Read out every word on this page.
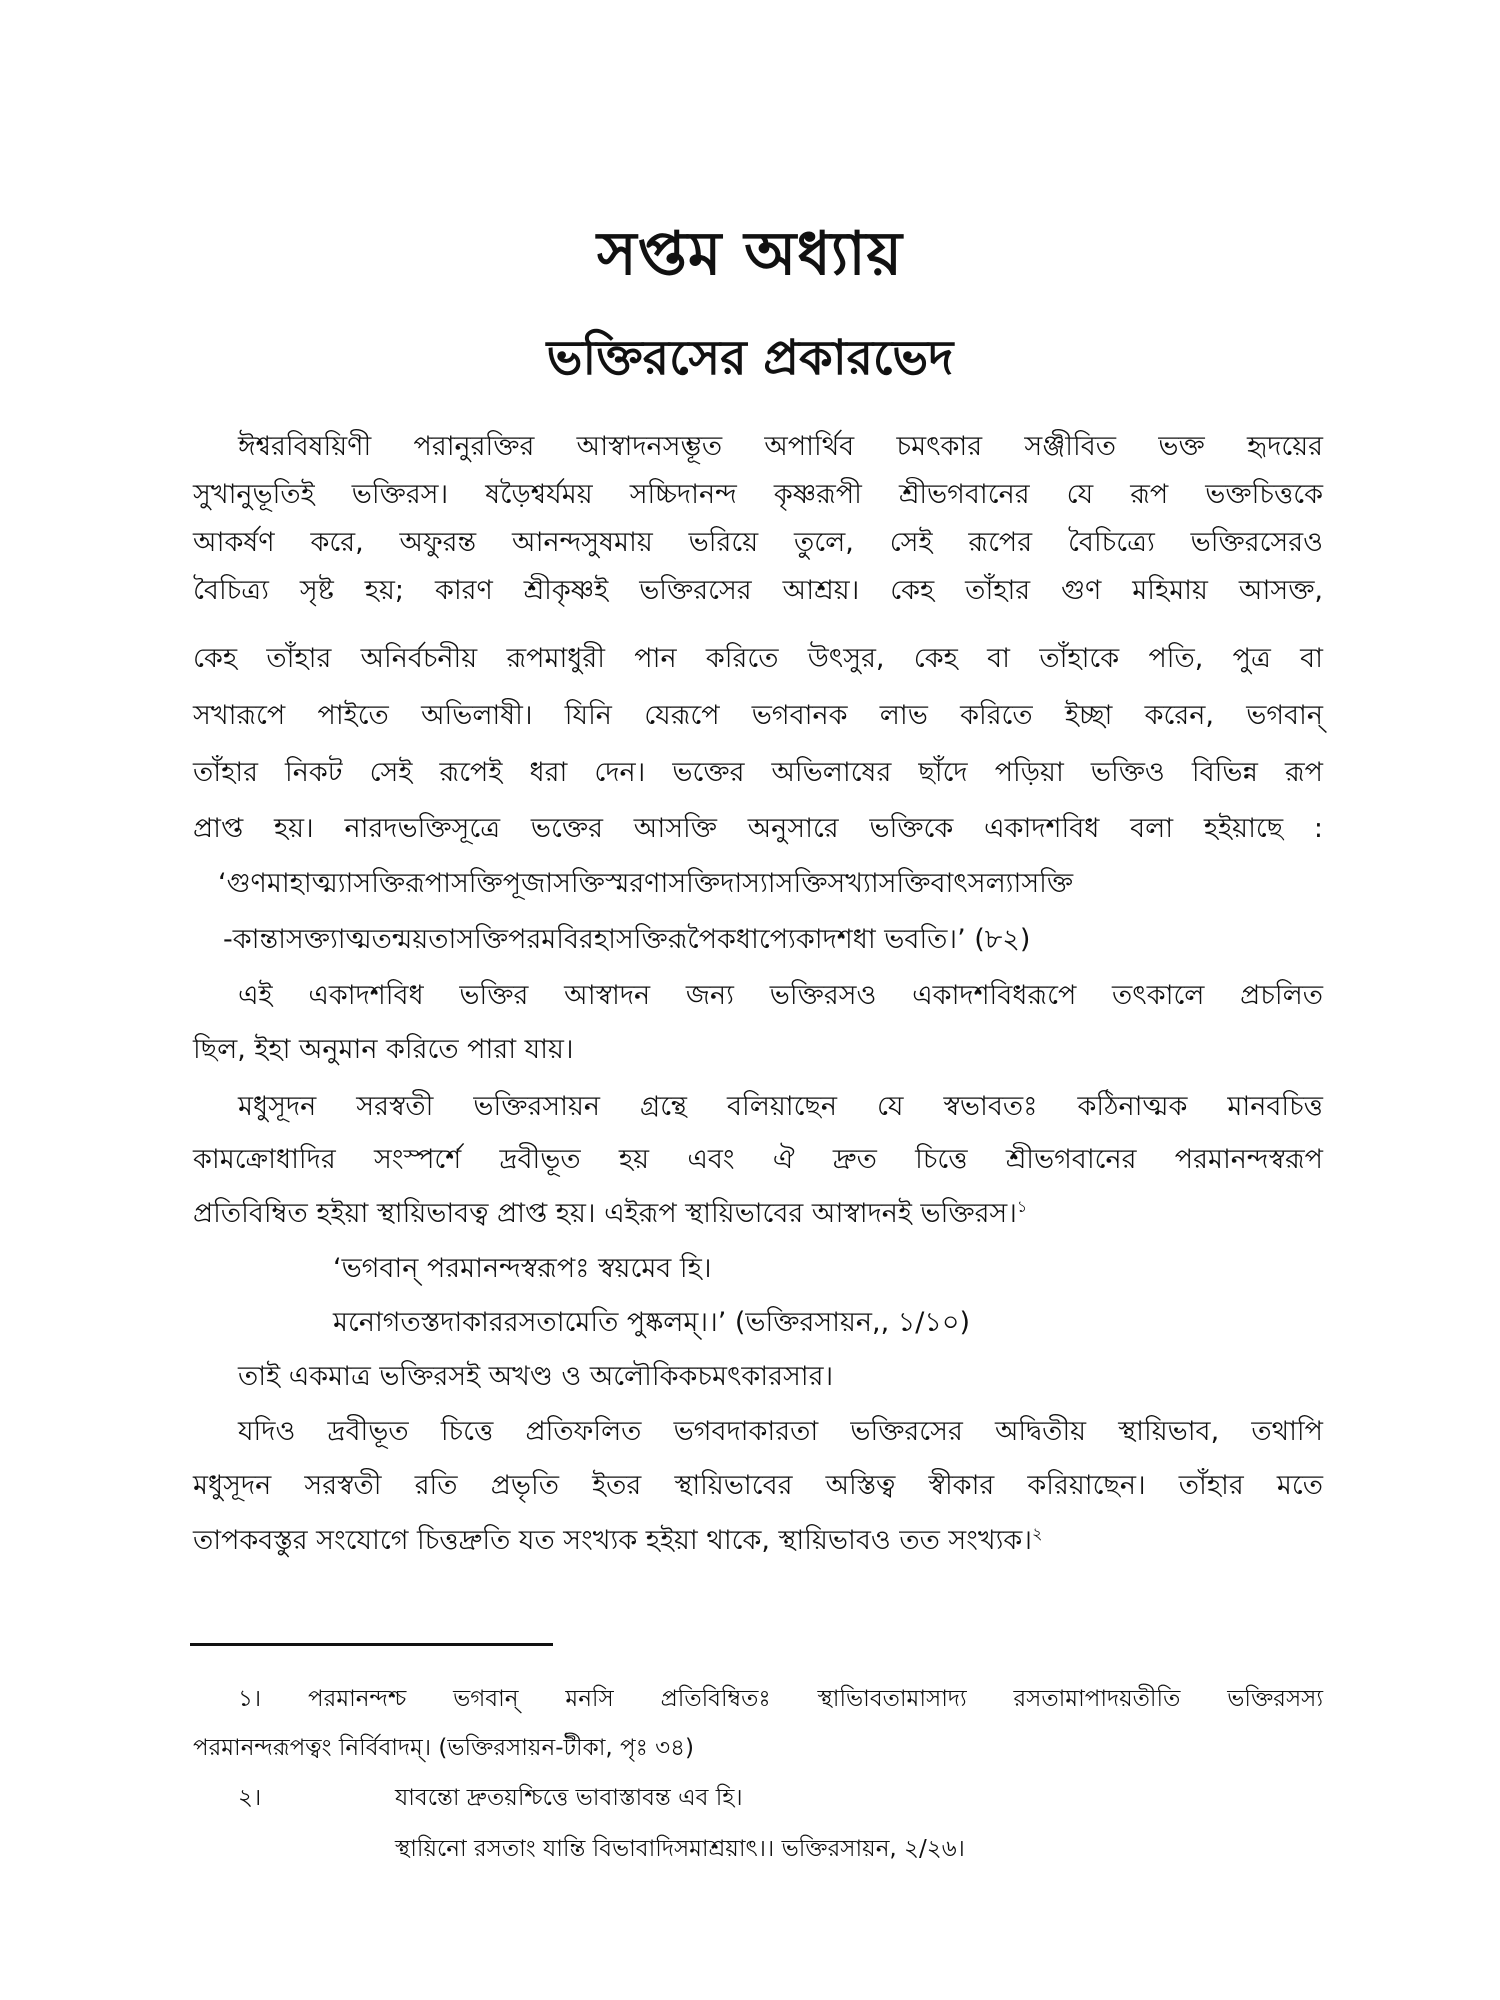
সপ্তম অধ্যায়
ভক্তিরসের প্রকারভেদ
ঈশ্বরবিষয়িণী পরানুরক্তির আস্বাদনসম্ভূত অপার্থিব চমৎকার সঞ্জীবিত ভক্ত হৃদয়ের
সুখানুভূতিই ভক্তিরস। ষড়ৈশ্বর্যময় সচ্চিদানন্দ কৃষ্ণরূপী শ্রীভগবানের যে রূপ ভক্তচিত্তকে
আকর্ষণ করে, অফুরন্ত আনন্দসুষমায় ভরিয়ে তুলে, সেই রূপের বৈচিত্র্যে ভক্তিরসেরও
বৈচিত্র্য সৃষ্ট হয়; কারণ শ্রীকৃষ্ণই ভক্তিরসের আশ্রয়। কেহ তাঁহার গুণ মহিমায় আসক্ত,
কেহ তাঁহার অনির্বচনীয় রূপমাধুরী পান করিতে উৎসুর, কেহ বা তাঁহাকে পতি, পুত্র বা
সখারূপে পাইতে অভিলাষী। যিনি যেরূপে ভগবানক লাভ করিতে ইচ্ছা করেন, ভগবান্
তাঁহার নিকট সেই রূপেই ধরা দেন। ভক্তের অভিলাষের ছাঁদে পড়িয়া ভক্তিও বিভিন্ন রূপ
প্রাপ্ত হয়। নারদভক্তিসূত্রে ভক্তের আসক্তি অনুসারে ভক্তিকে একাদশবিধ বলা হইয়াছে :
‘গুণমাহাত্ম্যাসক্তিরূপাসক্তিপূজাসক্তিস্মরণাসক্তিদাস্যাসক্তিসখ্যাসক্তিবাৎসল্যাসক্তি
-কান্তাসক্ত্যাত্মতন্ময়তাসক্তিপরমবিরহাসক্তিরূপৈকধাপ্যেকাদশধা ভবতি।’ (৮২)
এই একাদশবিধ ভক্তির আস্বাদন জন্য ভক্তিরসও একাদশবিধরূপে তৎকালে প্রচলিত
ছিল, ইহা অনুমান করিতে পারা যায়।
মধুসূদন সরস্বতী ভক্তিরসায়ন গ্রন্থে বলিয়াছেন যে স্বভাবতঃ কঠিনাত্মক মানবচিত্ত
কামক্রোধাদির সংস্পর্শে দ্রবীভূত হয় এবং ঐ দ্রুত চিত্তে শ্রীভগবানের পরমানন্দস্বরূপ
প্রতিবিম্বিত হইয়া স্থায়িভাবত্ব প্রাপ্ত হয়। এইরূপ স্থায়িভাবের আস্বাদনই ভক্তিরস।$^১$
‘ভগবান্ পরমানন্দস্বরূপঃ স্বয়মেব হি।
মনোগতস্তদাকাররসতামেতি পুষ্কলম্।।’ (ভক্তিরসায়ন,, ১/১০)
তাই একমাত্র ভক্তিরসই অখণ্ড ও অলৌকিকচমৎকারসার।
যদিও দ্রবীভূত চিত্তে প্রতিফলিত ভগবদাকারতা ভক্তিরসের অদ্বিতীয় স্থায়িভাব, তথাপি
মধুসূদন সরস্বতী রতি প্রভৃতি ইতর স্থায়িভাবের অস্তিত্ব স্বীকার করিয়াছেন। তাঁহার মতে
তাপকবস্তুর সংযোগে চিত্তদ্রুতি যত সংখ্যক হইয়া থাকে, স্থায়িভাবও তত সংখ্যক।$^২$
১। পরমানন্দশ্চ ভগবান্ মনসি প্রতিবিম্বিতঃ স্থাভিাবতামাসাদ্য রসতামাপাদয়তীতি ভক্তিরসস্য
পরমানন্দরূপত্বং নির্বিবাদম্। (ভক্তিরসায়ন-টীকা, পৃঃ ৩৪)
২।	যাবন্তো দ্রুতয়শ্চিত্তে ভাবাস্তাবন্ত এব হি।
স্থায়িনো রসতাং যান্তি বিভাবাদিসমাশ্রয়াৎ।। ভক্তিরসায়ন, ২/২৬।
